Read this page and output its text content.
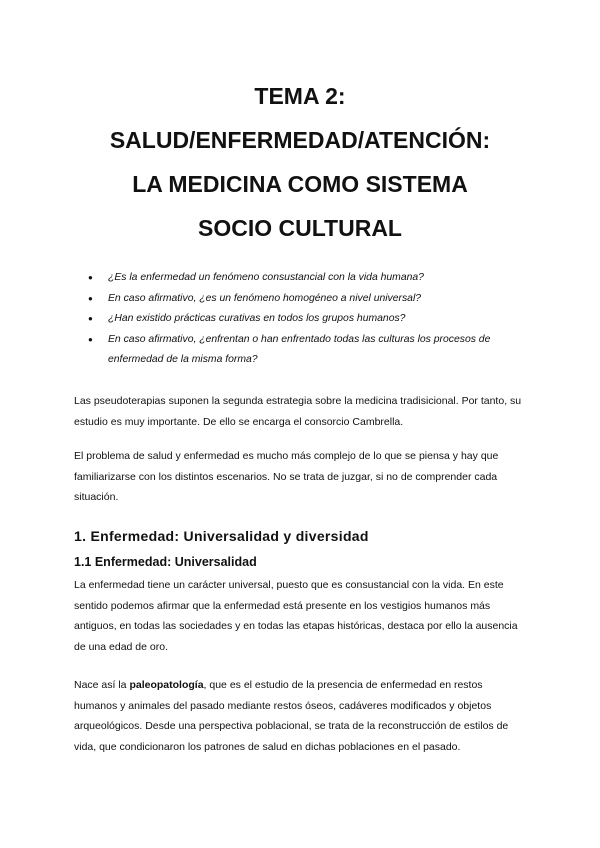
TEMA 2:
SALUD/ENFERMEDAD/ATENCIÓN:
LA MEDICINA COMO SISTEMA
SOCIO CULTURAL
● ¿Es la enfermedad un fenómeno consustancial con la vida humana?
● En caso afirmativo, ¿es un fenómeno homogéneo a nivel universal?
● ¿Han existido prácticas curativas en todos los grupos humanos?
● En caso afirmativo, ¿enfrentan o han enfrentado todas las culturas los procesos de enfermedad de la misma forma?

Las pseudoterapias suponen la segunda estrategia sobre la medicina tradisicional. Por tanto, su estudio es muy importante. De ello se encarga el consorcio Cambrella.

El problema de salud y enfermedad es mucho más complejo de lo que se piensa y hay que familiarizarse con los distintos escenarios. No se trata de juzgar, si no de comprender cada situación.

1. Enfermedad: Universalidad y diversidad
1.1 Enfermedad: Universalidad

La enfermedad tiene un carácter universal, puesto que es consustancial con la vida. En este sentido podemos afirmar que la enfermedad está presente en los vestigios humanos más antiguos, en todas las sociedades y en todas las etapas históricas, destaca por ello la ausencia de una edad de oro.

Nace así la paleopatología, que es el estudio de la presencia de enfermedad en restos humanos y animales del pasado mediante restos óseos, cadáveres modificados y objetos arqueológicos. Desde una perspectiva poblacional, se trata de la reconstrucción de estilos de vida, que condicionaron los patrones de salud en dichas poblaciones en el pasado.
